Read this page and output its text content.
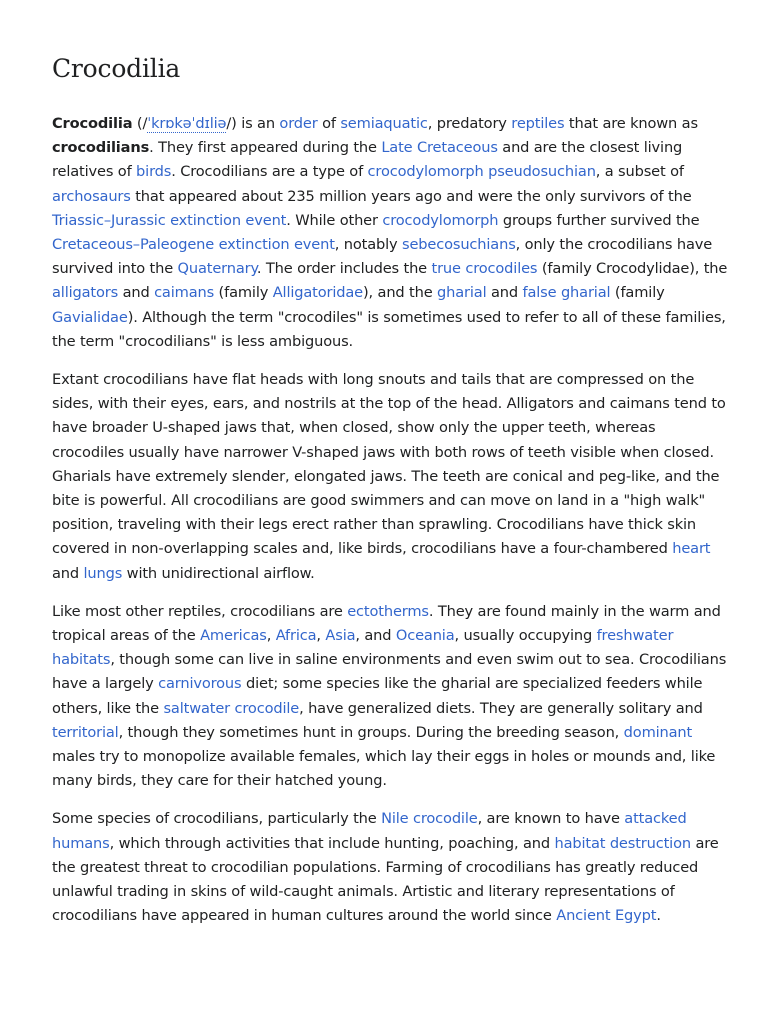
Crocodilia

Crocodilia (/ˈkrɒkəˈdɪliə/) is an order of semiaquatic, predatory reptiles that are known as crocodilians. They first appeared during the Late Cretaceous and are the closest living relatives of birds. Crocodilians are a type of crocodylomorph pseudosuchian, a subset of archosaurs that appeared about 235 million years ago and were the only survivors of the Triassic–Jurassic extinction event. While other crocodylomorph groups further survived the Cretaceous–Paleogene extinction event, notably sebecosuchians, only the crocodilians have survived into the Quaternary. The order includes the true crocodiles (family Crocodylidae), the alligators and caimans (family Alligatoridae), and the gharial and false gharial (family Gavialidae). Although the term "crocodiles" is sometimes used to refer to all of these families, the term "crocodilians" is less ambiguous.

Extant crocodilians have flat heads with long snouts and tails that are compressed on the sides, with their eyes, ears, and nostrils at the top of the head. Alligators and caimans tend to have broader U-shaped jaws that, when closed, show only the upper teeth, whereas crocodiles usually have narrower V-shaped jaws with both rows of teeth visible when closed. Gharials have extremely slender, elongated jaws. The teeth are conical and peg-like, and the bite is powerful. All crocodilians are good swimmers and can move on land in a "high walk" position, traveling with their legs erect rather than sprawling. Crocodilians have thick skin covered in non-overlapping scales and, like birds, crocodilians have a four-chambered heart and lungs with unidirectional airflow.

Like most other reptiles, crocodilians are ectotherms. They are found mainly in the warm and tropical areas of the Americas, Africa, Asia, and Oceania, usually occupying freshwater habitats, though some can live in saline environments and even swim out to sea. Crocodilians have a largely carnivorous diet; some species like the gharial are specialized feeders while others, like the saltwater crocodile, have generalized diets. They are generally solitary and territorial, though they sometimes hunt in groups. During the breeding season, dominant males try to monopolize available females, which lay their eggs in holes or mounds and, like many birds, they care for their hatched young.

Some species of crocodilians, particularly the Nile crocodile, are known to have attacked humans, which through activities that include hunting, poaching, and habitat destruction are the greatest threat to crocodilian populations. Farming of crocodilians has greatly reduced unlawful trading in skins of wild-caught animals. Artistic and literary representations of crocodilians have appeared in human cultures around the world since Ancient Egypt.
